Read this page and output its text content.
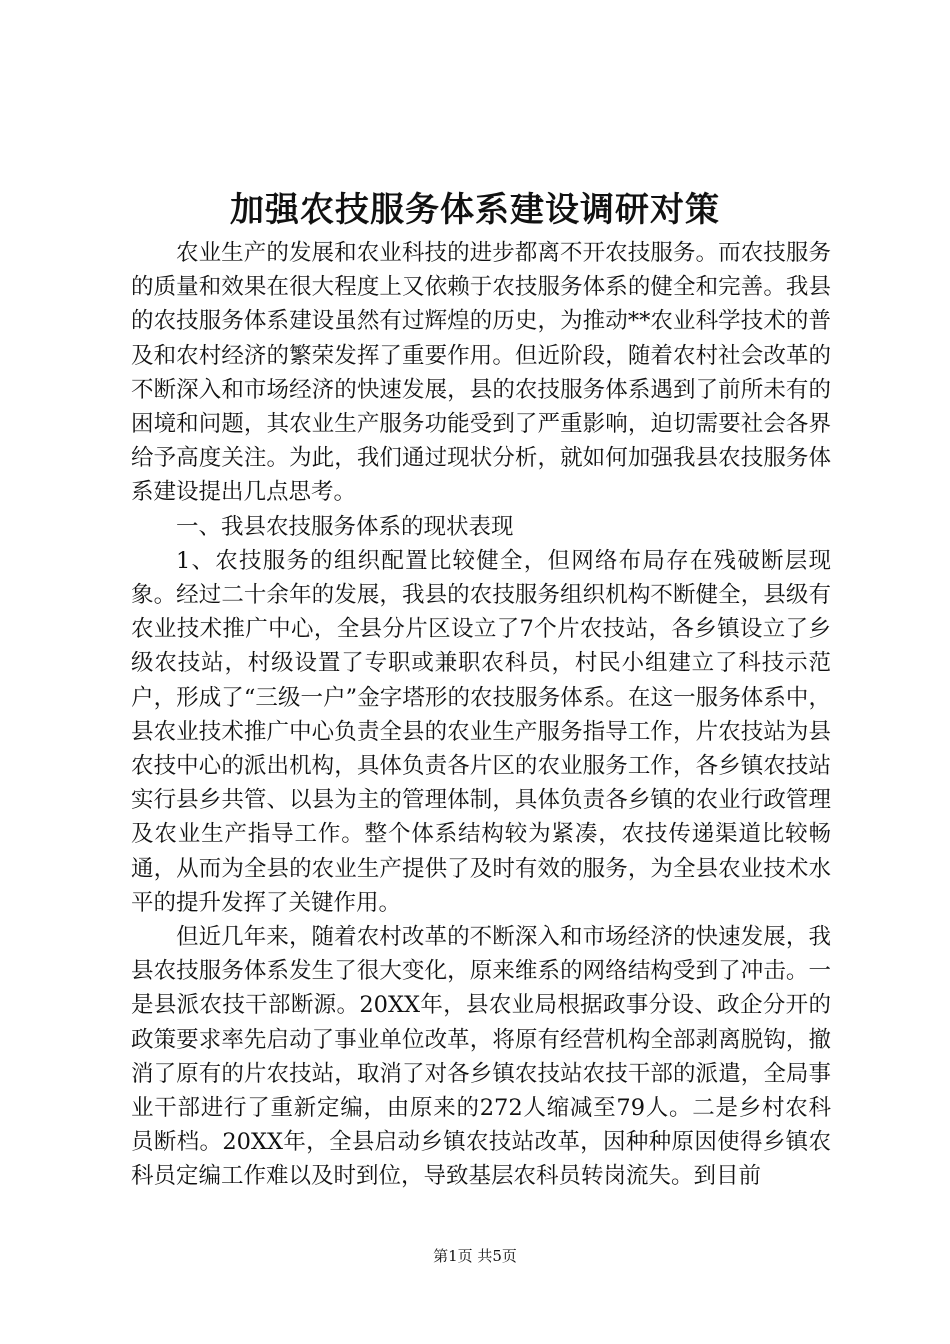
加强农技服务体系建设调研对策

农业生产的发展和农业科技的进步都离不开农技服务。而农技服务的质量和效果在很大程度上又依赖于农技服务体系的健全和完善。我县的农技服务体系建设虽然有过辉煌的历史，为推动**农业科学技术的普及和农村经济的繁荣发挥了重要作用。但近阶段，随着农村社会改革的不断深入和市场经济的快速发展，县的农技服务体系遇到了前所未有的困境和问题，其农业生产服务功能受到了严重影响，迫切需要社会各界给予高度关注。为此，我们通过现状分析，就如何加强我县农技服务体系建设提出几点思考。

一、我县农技服务体系的现状表现

1、农技服务的组织配置比较健全，但网络布局存在残破断层现象。经过二十余年的发展，我县的农技服务组织机构不断健全，县级有农业技术推广中心，全县分片区设立了7个片农技站，各乡镇设立了乡级农技站，村级设置了专职或兼职农科员，村民小组建立了科技示范户，形成了“三级一户”金字塔形的农技服务体系。在这一服务体系中，县农业技术推广中心负责全县的农业生产服务指导工作，片农技站为县农技中心的派出机构，具体负责各片区的农业服务工作，各乡镇农技站实行县乡共管、以县为主的管理体制，具体负责各乡镇的农业行政管理及农业生产指导工作。整个体系结构较为紧凑，农技传递渠道比较畅通，从而为全县的农业生产提供了及时有效的服务，为全县农业技术水平的提升发挥了关键作用。

但近几年来，随着农村改革的不断深入和市场经济的快速发展，我县农技服务体系发生了很大变化，原来维系的网络结构受到了冲击。一是县派农技干部断源。20XX年，县农业局根据政事分设、政企分开的政策要求率先启动了事业单位改革，将原有经营机构全部剥离脱钩，撤消了原有的片农技站，取消了对各乡镇农技站农技干部的派遣，全局事业干部进行了重新定编，由原来的272人缩减至79人。二是乡村农科员断档。20XX年，全县启动乡镇农技站改革，因种种原因使得乡镇农科员定编工作难以及时到位，导致基层农科员转岗流失。到目前

第1页 共5页
